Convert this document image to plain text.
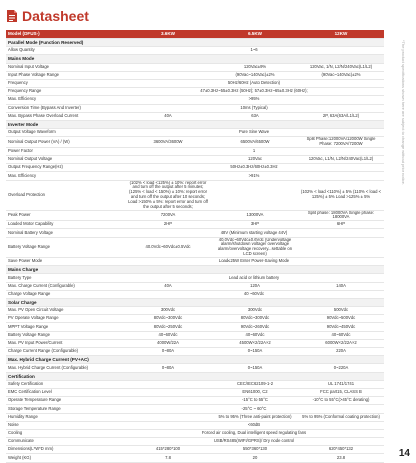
Datasheet
Model (DFUS-)	3.6KW	6.5KW	12KW
Parallel Mode (Function Reserved)			
Allow Quantity	1~6		
Mains Mode			
Nominal Input Voltage		120Vac±9%	120Vac, 1/N, L2/N/240Vac(L1/L2)
Input Phase Voltage Range		(90Vac~140Vac)±2%	(90Vac~140Vac)±2%
Frequency	50Hz/60Hz (Auto Detection)		
Frequency Range	47±0.3Hz~55±0.3Hz (50Hz); 57±0.3Hz~65±0.3Hz (60Hz);		
Max. Efficiency	>95%		
Conversion Time (Bypass And Inverter)	10ms (Typical)		
Max. Bypass Phase Overload Current	40A	63A	2P, 63A(63A/L1/L2)
Inverter Mode			
Output Voltage Waveform	Pure Sine Wave		
Nominal Output Power (VA) / (W)	3600VA/3600W	6500VA/6500W	Split Phase:12000VA/12000W Single Phase: 7200VA/7200W
Power Factor	1		
Nominal Output Voltage		120Vac	120Vac, L1/N, L2/N/240Vac(L1/L2)
Output Frequency Range(Hz)	50Hz±0.3Hz/60Hz±0.3Hz		
Max. Efficiency	>91%		
Overload Protection	(102% < load <125%) ± 10%: report error and turn off the output after 5 minutes; (125% < load < 150%) ± 10%: report error and turn off the output after 10 seconds; Load >150% ± 5%: report error and turn off the output after 5 seconds;		(102% < load <110%) ± 5% (110% < load < 125%) ± 5% Load >125% ± 5%
Peak Power	7200VA	13000VA	Split phase: 18000VA Single phase: 18000VA
Loaded Motor Capability	2HP	3HP	6HP
Nominal Battery Voltage	48V (Minimum starting voltage 44V)		
Battery Voltage Range	40.0Vdc~60Vdc±0.5Vdc	40.0Vdc~60Vdc±0.6Vdc (Undervoltage alarm/shutdown voltage/ overvoltage alarm/overvoltage recovery...settable on LCD screen)	
Save Power Mode	Load≤25W Enter Power-Saving Mode		
Mains Charge			
Battery Type	Lead acid or lithium battery		
Max. Charge Current (Configurable)	40A	120A	140A
Charge Voltage Range	40 ~60Vdc		
Solar Charge			
Max. PV Open Circuit Voltage	300Vdc	300Vdc	500Vdc
PV Operate Voltage Range	80Vdc~300Vdc	80Vdc~300Vdc	90Vdc~500Vdc
MPPT Voltage Range	80Vdc~250Vdc	90Vdc~260Vdc	90Vdc~450Vdc
Battery Voltage Range	40~60Vdc	40~60Vdc	40~60Vdc
Max. PV Input Power/Current	4000W/22A	4500W×2/22A×2	6000W×2/22A×2
Charge Current Range (Configurable)	0~80A	0~150A	220A
Max. Hybrid Charge Current (PV+AC)			
Max. Hybrid Charge Current (Configurable)	0~80A	0~150A	0~220A
Certification			
Safety Certification		CEC/IEC62109-1-2	UL 1741/1741
EMC Certification Level		EN61000, C2	FCC part15, CLASS B
Operate Temperature Range		-15°C to 55°C	-10°C to 55°C(>45°C derating)
Storage Temperature Range	-25°C ~ 60°C		
Humidity Range		5% to 95% (Three anti-paint protection)	5% to 95% (Conformal coating protection)
Noise	<60dB		
Cooling	Forced air cooling, Dual intelligent speed regulating fans		
Communicate	USB/RS485(WIFI/GPRS)/ Dry node control		
Dimensions(L*W*D mm)	415*280*100	550*360*130	620*450*132
Weight (KG)	7.8	20	23.8
*The product specifications shown here are subject to change without prior notice.
14
